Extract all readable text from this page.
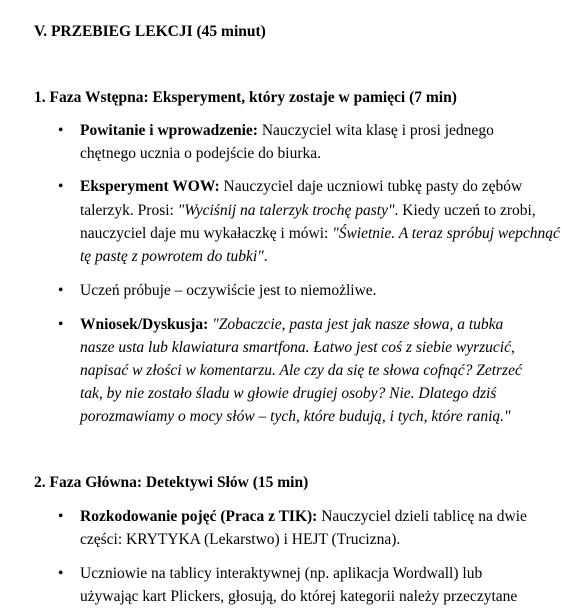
V. PRZEBIEG LEKCJI (45 minut)
1. Faza Wstępna: Eksperyment, który zostaje w pamięci (7 min)
•
Powitanie i wprowadzenie: Nauczyciel wita klasę i prosi jednego
chętnego ucznia o podejście do biurka.
•
Eksperyment WOW: Nauczyciel daje uczniowi tubkę pasty do zębów
talerzyk. Prosi: "Wyciśnij na talerzyk trochę pasty". Kiedy uczeń to zrobi,
nauczyciel daje mu wykałaczkę i mówi: "Świetnie. A teraz spróbuj wepchnąć
tę pastę z powrotem do tubki".
•
Uczeń próbuje – oczywiście jest to niemożliwe.
•
Wniosek/Dyskusja: "Zobaczcie, pasta jest jak nasze słowa, a tubka
nasze usta lub klawiatura smartfona. Łatwo jest coś z siebie wyrzucić,
napisać w złości w komentarzu. Ale czy da się te słowa cofnąć? Zetrzeć
tak, by nie zostało śladu w głowie drugiej osoby? Nie. Dlatego dziś
porozmawiamy o mocy słów – tych, które budują, i tych, które ranią."
2. Faza Główna: Detektywi Słów (15 min)
•
Rozkodowanie pojęć (Praca z TIK): Nauczyciel dzieli tablicę na dwie
części: KRYTYKA (Lekarstwo) i HEJT (Trucizna).
•
Uczniowie na tablicy interaktywnej (np. aplikacja Wordwall) lub
używając kart Plickers, głosują, do której kategorii należy przeczytane
